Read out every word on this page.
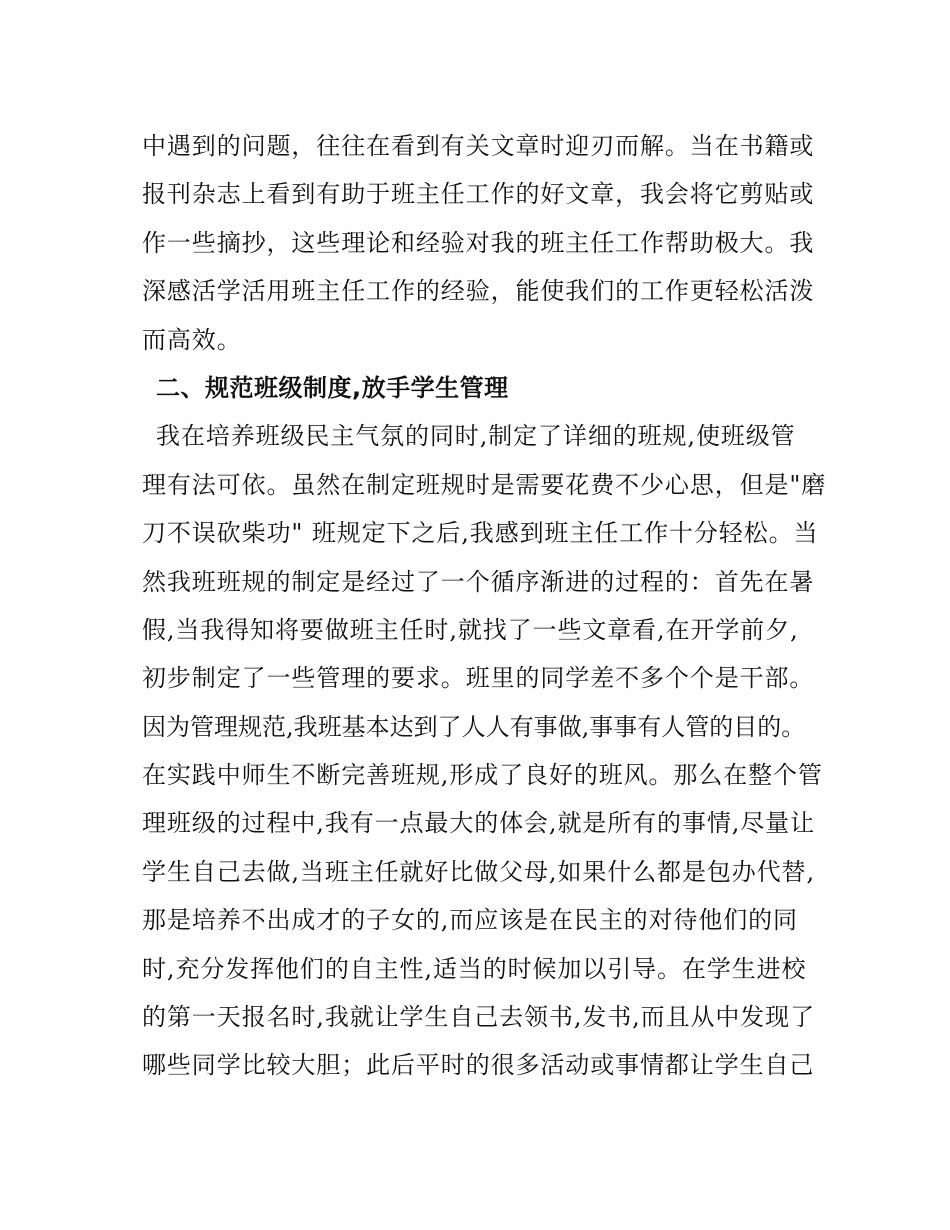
中遇到的问题，往往在看到有关文章时迎刃而解。当在书籍或
报刊杂志上看到有助于班主任工作的好文章，我会将它剪贴或
作一些摘抄，这些理论和经验对我的班主任工作帮助极大。我
深感活学活用班主任工作的经验，能使我们的工作更轻松活泼
而高效。
二、规范班级制度,放手学生管理
我在培养班级民主气氛的同时,制定了详细的班规,使班级管
理有法可依。虽然在制定班规时是需要花费不少心思，但是"磨
刀不误砍柴功" 班规定下之后,我感到班主任工作十分轻松。当
然我班班规的制定是经过了一个循序渐进的过程的：首先在暑
假,当我得知将要做班主任时,就找了一些文章看,在开学前夕,
初步制定了一些管理的要求。班里的同学差不多个个是干部。
因为管理规范,我班基本达到了人人有事做,事事有人管的目的。
在实践中师生不断完善班规,形成了良好的班风。那么在整个管
理班级的过程中,我有一点最大的体会,就是所有的事情,尽量让
学生自己去做,当班主任就好比做父母,如果什么都是包办代替,
那是培养不出成才的子女的,而应该是在民主的对待他们的同
时,充分发挥他们的自主性,适当的时候加以引导。在学生进校
的第一天报名时,我就让学生自己去领书,发书,而且从中发现了
哪些同学比较大胆；此后平时的很多活动或事情都让学生自己
